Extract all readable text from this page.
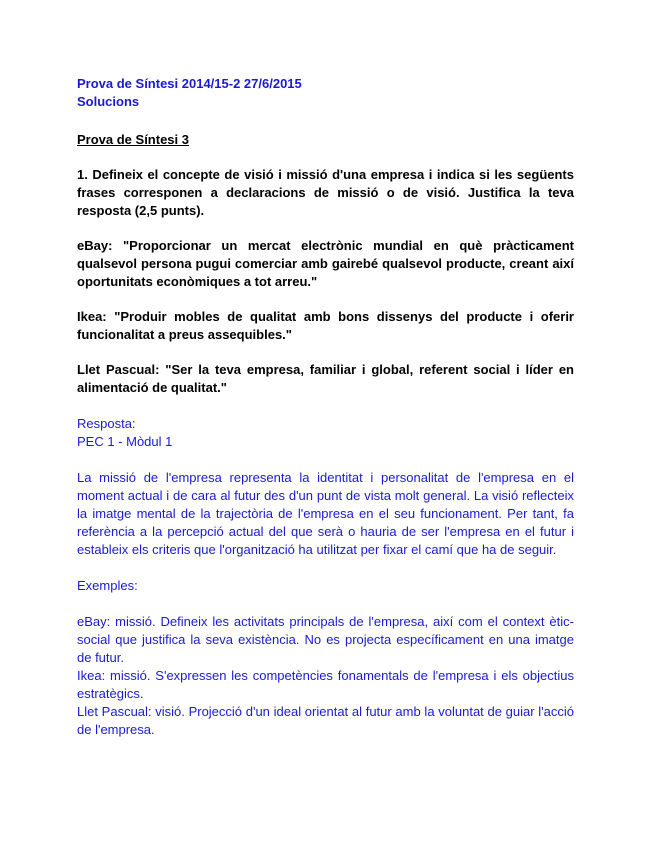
Prova de Síntesi 2014/15-2 27/6/2015

Solucions

Prova de Síntesi 3

1. Defineix el concepte de visió i missió d'una empresa i indica si les següents frases corresponen a declaracions de missió o de visió. Justifica la teva resposta (2,5 punts).

eBay: "Proporcionar un mercat electrònic mundial en què pràcticament qualsevol persona pugui comerciar amb gairebé qualsevol producte, creant així oportunitats econòmiques a tot arreu."

Ikea: "Produir mobles de qualitat amb bons dissenys del producte i oferir funcionalitat a preus assequibles."

Llet Pascual: "Ser la teva empresa, familiar i global, referent social i líder en alimentació de qualitat."

Resposta:

PEC 1 - Mòdul 1

La missió de l'empresa representa la identitat i personalitat de l'empresa en el moment actual i de cara al futur des d'un punt de vista molt general. La visió reflecteix la imatge mental de la trajectòria de l'empresa en el seu funcionament. Per tant, fa referència a la percepció actual del que serà o hauria de ser l'empresa en el futur i estableix els criteris que l'organització ha utilitzat per fixar el camí que ha de seguir.

Exemples:

eBay: missió. Defineix les activitats principals de l'empresa, així com el context ètic-social que justifica la seva existència. No es projecta específicament en una imatge de futur.

Ikea: missió. S'expressen les competències fonamentals de l'empresa i els objectius estratègics.

Llet Pascual: visió. Projecció d'un ideal orientat al futur amb la voluntat de guiar l'acció de l'empresa.
